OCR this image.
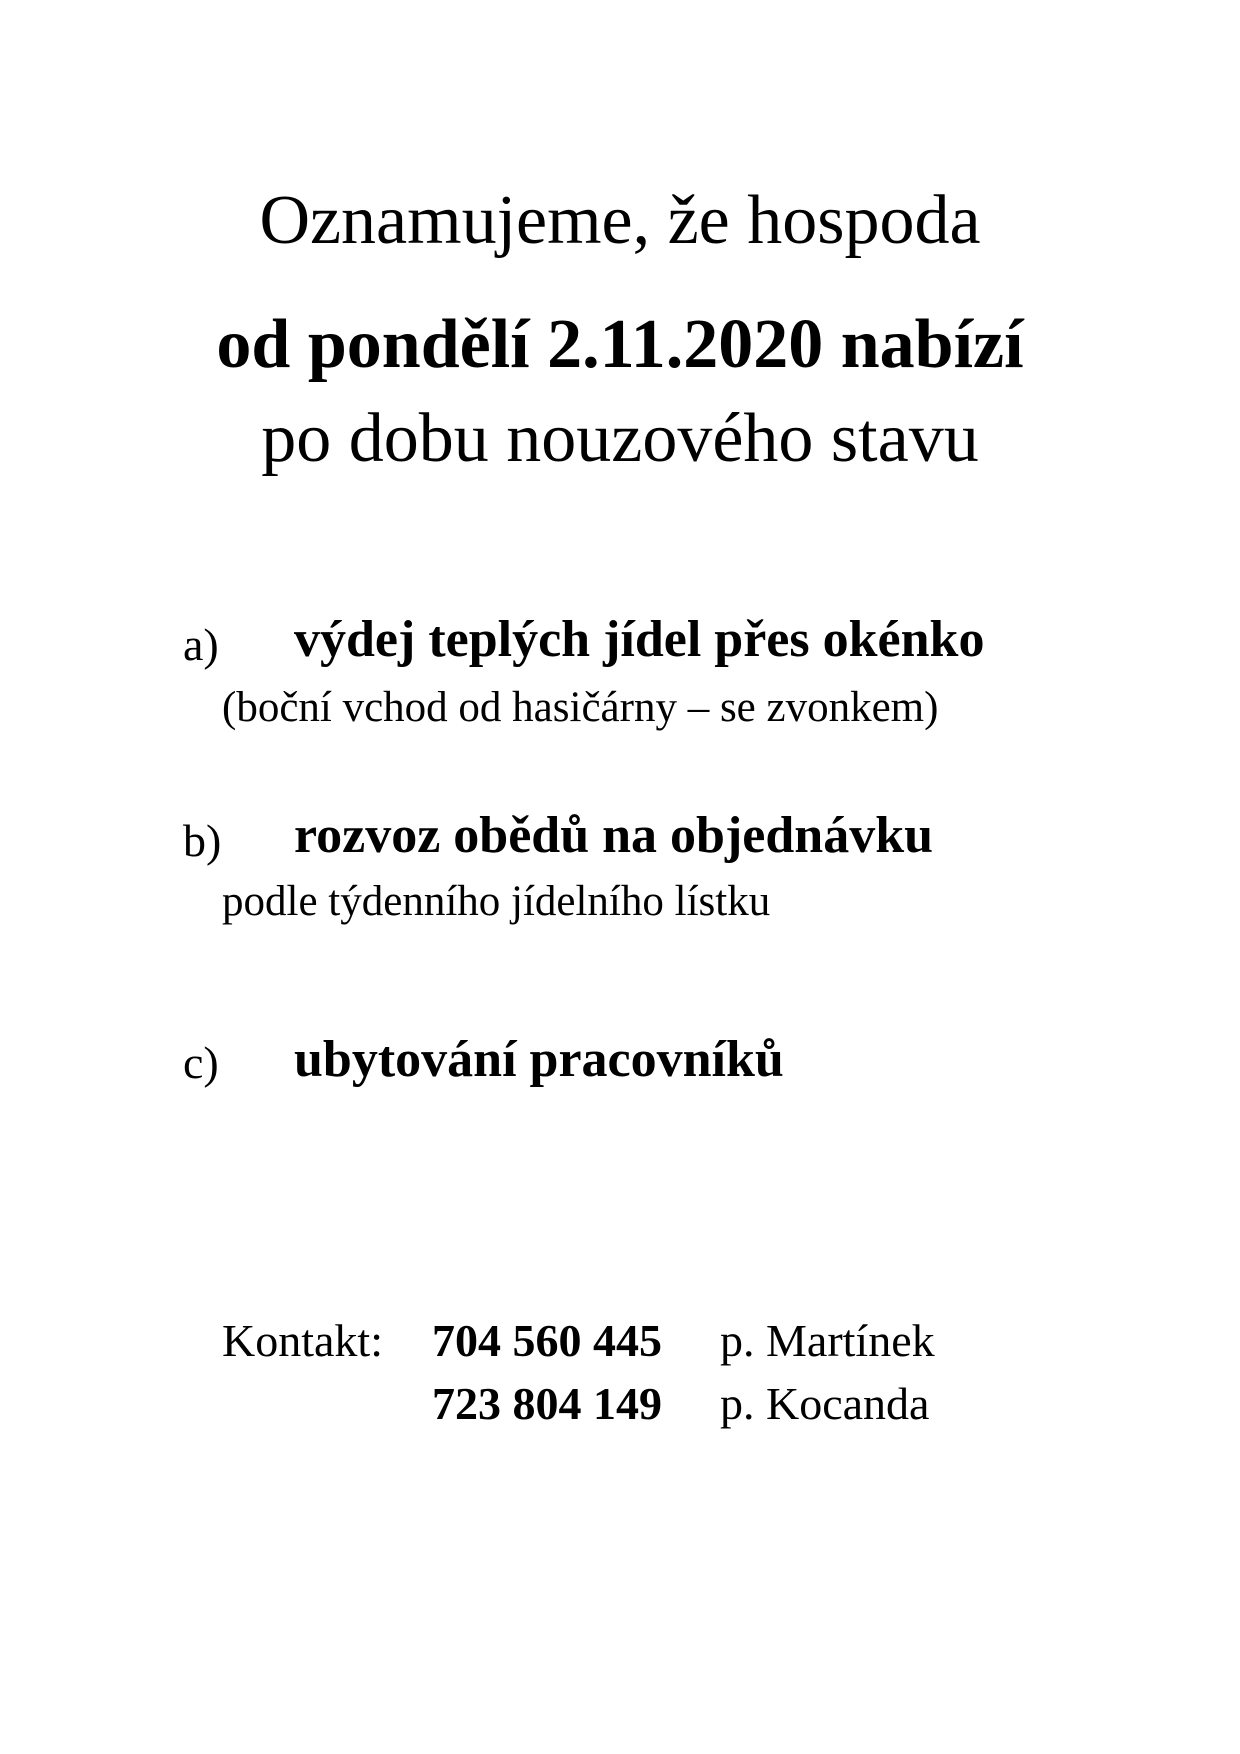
Oznamujeme, že hospoda
od pondělí 2.11.2020 nabízí
po dobu nouzového stavu
a) výdej teplých jídel přes okénko
(boční vchod od hasičárny – se zvonkem)
b) rozvoz obědů na objednávku
podle týdenního jídelního lístku
c) ubytování pracovníků
Kontakt: 704 560 445 p. Martínek
723 804 149 p. Kocanda
